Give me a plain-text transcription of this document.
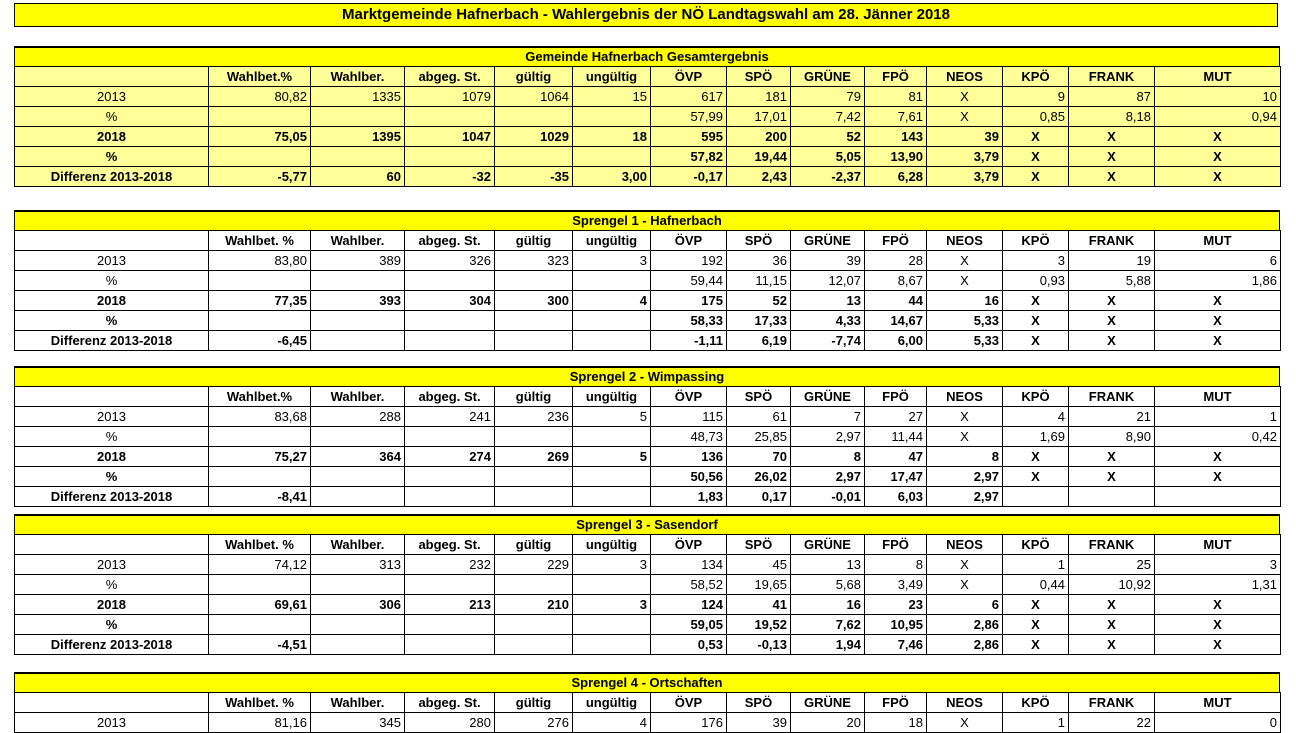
Marktgemeinde Hafnerbach - Wahlergebnis der NÖ Landtagswahl am 28. Jänner 2018
Gemeinde Hafnerbach Gesamtergebnis
	Wahlbet.%	Wahlber.	abgeg. St.	gültig	ungültig	ÖVP	SPÖ	GRÜNE	FPÖ	NEOS	KPÖ	FRANK	MUT
2013	80,82	1335	1079	1064	15	617	181	79	81	X	9	87	10
%						57,99	17,01	7,42	7,61	X	0,85	8,18	0,94
2018	75,05	1395	1047	1029	18	595	200	52	143	39	X	X	X
%						57,82	19,44	5,05	13,90	3,79	X	X	X
Differenz 2013-2018	-5,77	60	-32	-35	3,00	-0,17	2,43	-2,37	6,28	3,79	X	X	X
Sprengel 1 - Hafnerbach
	Wahlbet. %	Wahlber.	abgeg. St.	gültig	ungültig	ÖVP	SPÖ	GRÜNE	FPÖ	NEOS	KPÖ	FRANK	MUT
2013	83,80	389	326	323	3	192	36	39	28	X	3	19	6
%						59,44	11,15	12,07	8,67	X	0,93	5,88	1,86
2018	77,35	393	304	300	4	175	52	13	44	16	X	X	X
%						58,33	17,33	4,33	14,67	5,33	X	X	X
Differenz 2013-2018	-6,45					-1,11	6,19	-7,74	6,00	5,33	X	X	X
Sprengel 2 - Wimpassing
	Wahlbet.%	Wahlber.	abgeg. St.	gültig	ungültig	ÖVP	SPÖ	GRÜNE	FPÖ	NEOS	KPÖ	FRANK	MUT
2013	83,68	288	241	236	5	115	61	7	27	X	4	21	1
%						48,73	25,85	2,97	11,44	X	1,69	8,90	0,42
2018	75,27	364	274	269	5	136	70	8	47	8	X	X	X
%						50,56	26,02	2,97	17,47	2,97	X	X	X
Differenz 2013-2018	-8,41					1,83	0,17	-0,01	6,03	2,97			
Sprengel 3 - Sasendorf
	Wahlbet. %	Wahlber.	abgeg. St.	gültig	ungültig	ÖVP	SPÖ	GRÜNE	FPÖ	NEOS	KPÖ	FRANK	MUT
2013	74,12	313	232	229	3	134	45	13	8	X	1	25	3
%						58,52	19,65	5,68	3,49	X	0,44	10,92	1,31
2018	69,61	306	213	210	3	124	41	16	23	6	X	X	X
%						59,05	19,52	7,62	10,95	2,86	X	X	X
Differenz 2013-2018	-4,51					0,53	-0,13	1,94	7,46	2,86	X	X	X
Sprengel 4 - Ortschaften
	Wahlbet. %	Wahlber.	abgeg. St.	gültig	ungültig	ÖVP	SPÖ	GRÜNE	FPÖ	NEOS	KPÖ	FRANK	MUT
2013	81,16	345	280	276	4	176	39	20	18	X	1	22	0
